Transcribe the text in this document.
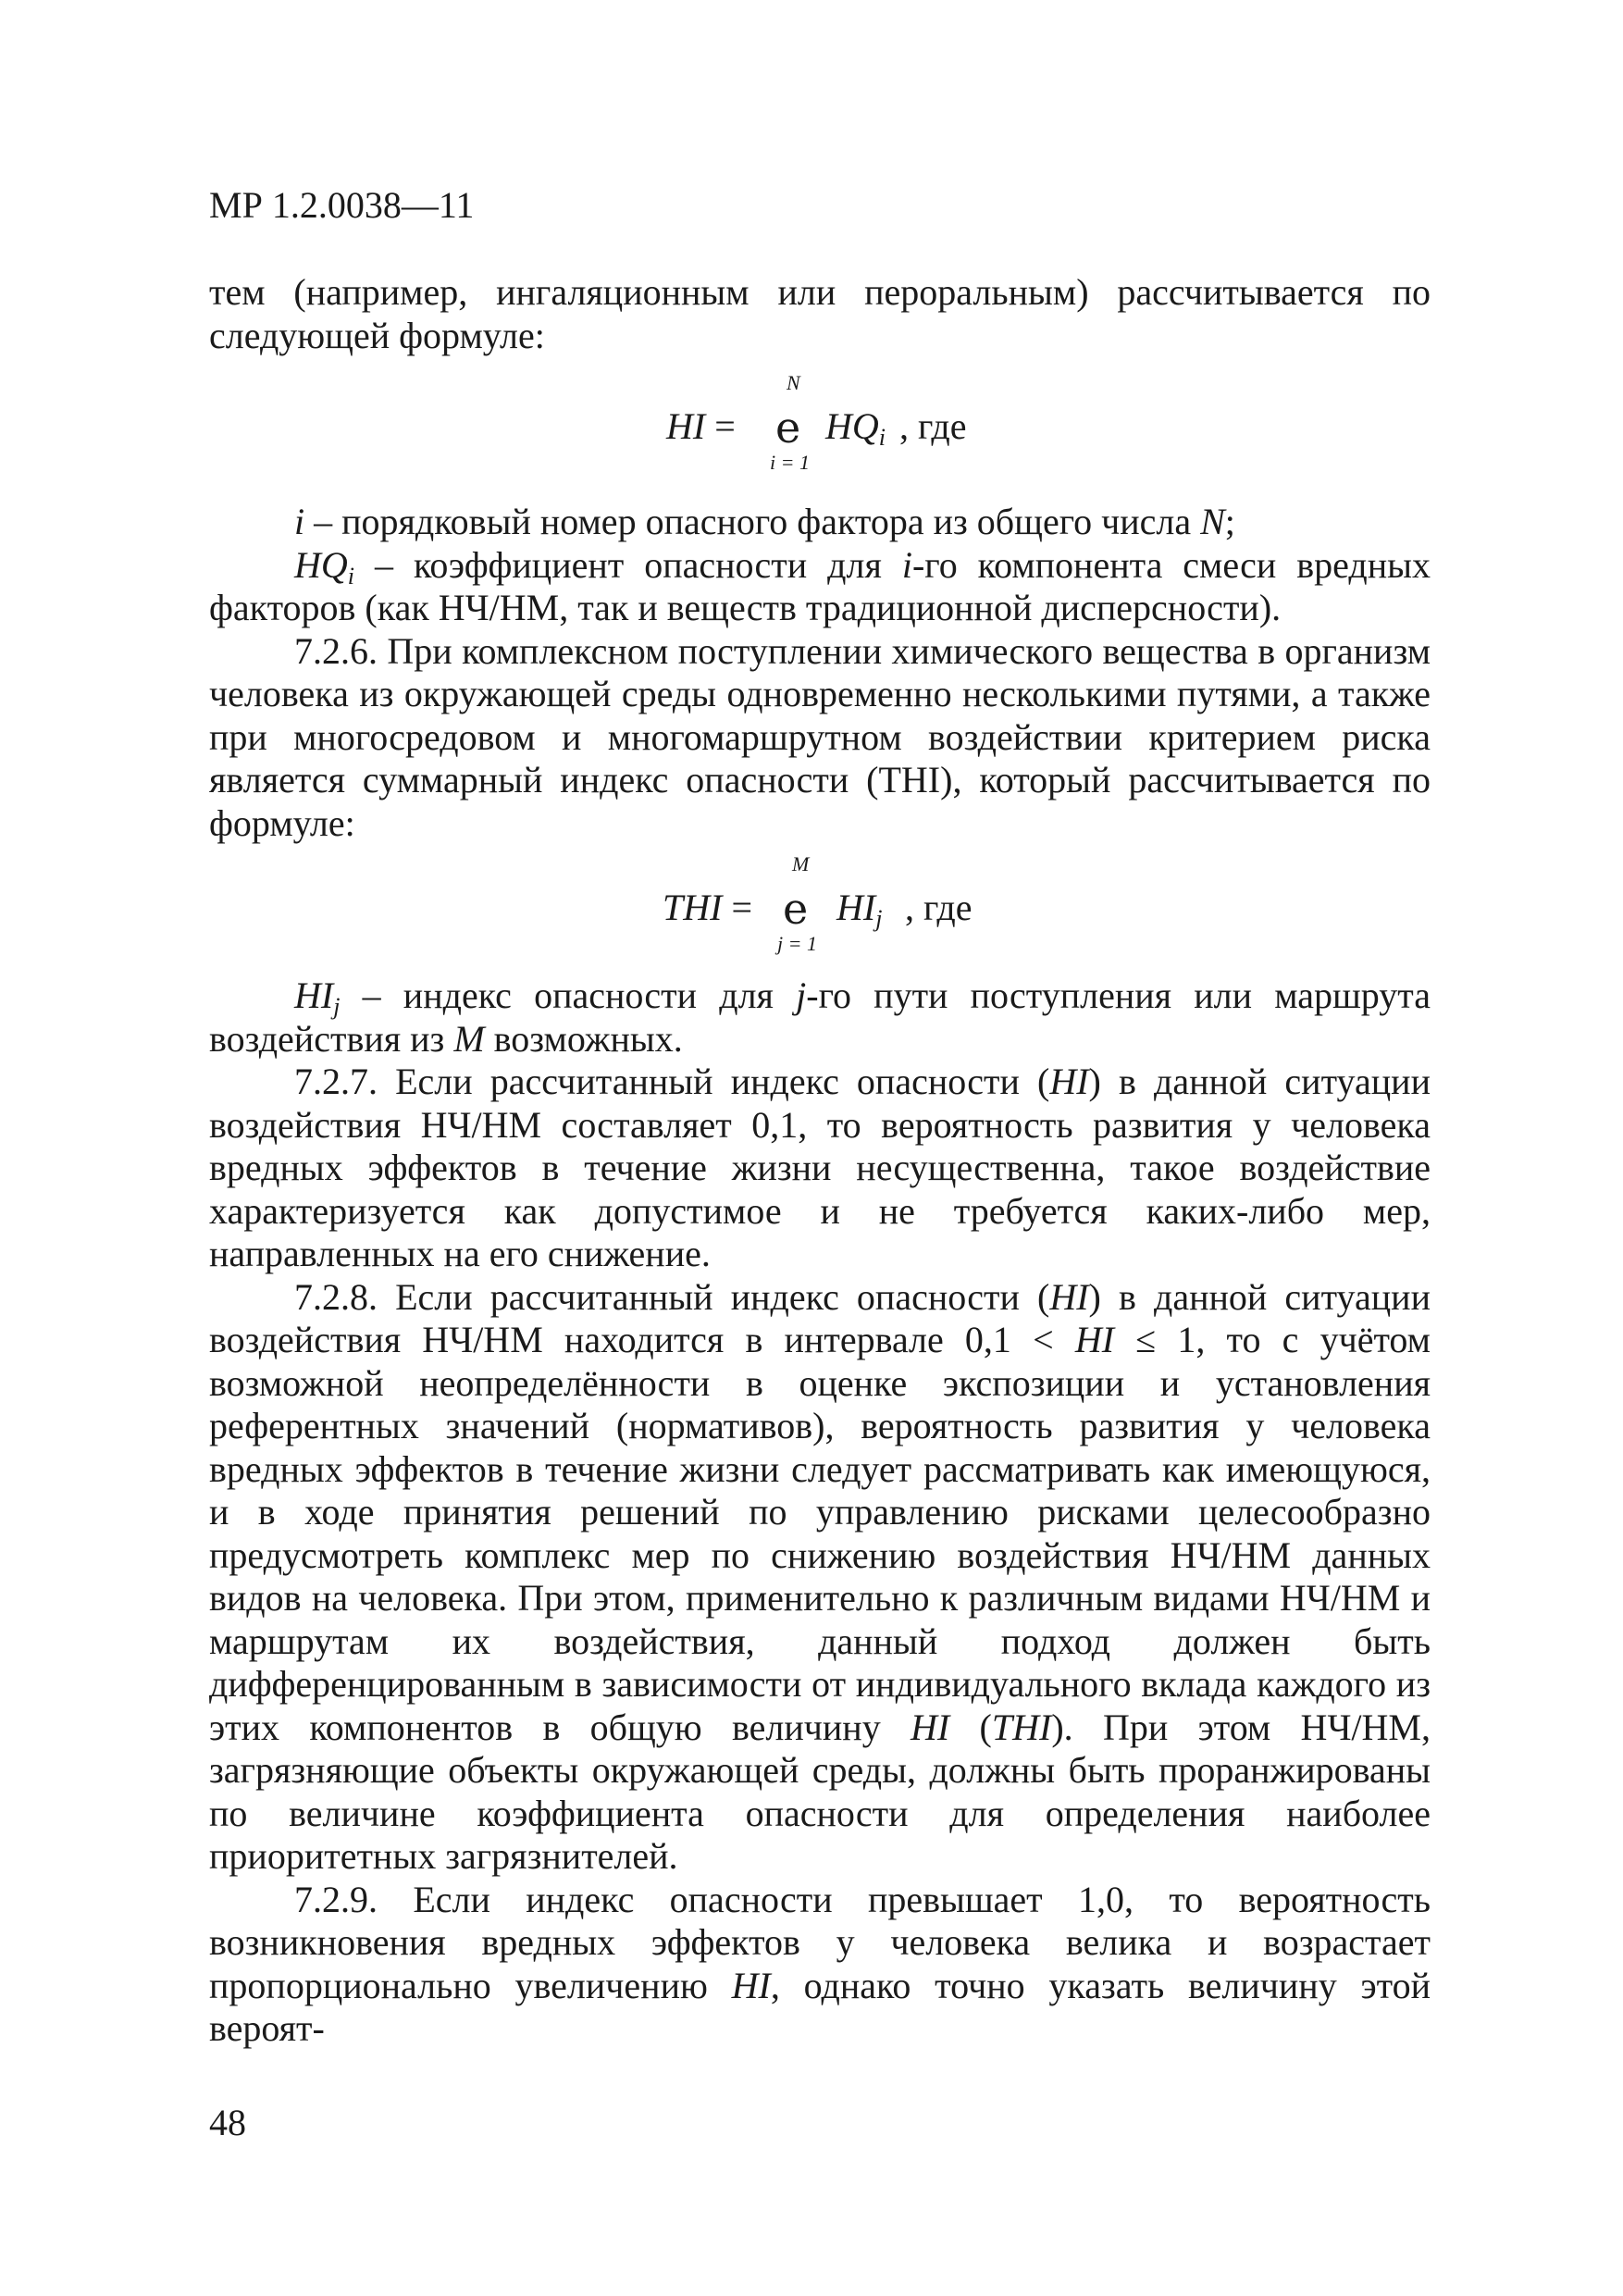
МР 1.2.0038—11

тем (например, ингаляционным или пероральным) рассчитывается по

следующей формуле:

HI =
N
e
i = 1
$HQ_i$ , где

i – порядковый номер опасного фактора из общего числа N;

$HQ_i$ – коэффициент опасности для i-го компонента смеси вредных факторов (как НЧ/НМ, так и веществ традиционной дисперсности).

7.2.6. При комплексном поступлении химического вещества в организм человека из окружающей среды одновременно несколькими путями, а также при многосредовом и многомаршрутном воздействии критерием риска является суммарный индекс опасности (THI), который рассчитывается по формуле:

THI =
M
e
j = 1
$HI_j$ , где

$HI_j$ – индекс опасности для j-го пути поступления или маршрута воздействия из M возможных.

7.2.7. Если рассчитанный индекс опасности (HI) в данной ситуации воздействия НЧ/НМ составляет 0,1, то вероятность развития у человека вредных эффектов в течение жизни несущественна, такое воздействие характеризуется как допустимое и не требуется каких-либо мер, направленных на его снижение.

7.2.8. Если рассчитанный индекс опасности (HI) в данной ситуации воздействия НЧ/НМ находится в интервале 0,1 < HI ≤ 1, то с учётом возможной неопределённости в оценке экспозиции и установления референтных значений (нормативов), вероятность развития у человека вредных эффектов в течение жизни следует рассматривать как имеющуюся, и в ходе принятия решений по управлению рисками целесообразно предусмотреть комплекс мер по снижению воздействия НЧ/НМ данных видов на человека. При этом, применительно к различным видами НЧ/НМ и маршрутам их воздействия, данный подход должен быть дифференцированным в зависимости от индивидуального вклада каждого из этих компонентов в общую величину HI (THI). При этом НЧ/НМ, загрязняющие объекты окружающей среды, должны быть проранжированы по величине коэффициента опасности для определения наиболее приоритетных загрязнителей.

7.2.9. Если индекс опасности превышает 1,0, то вероятность возникновения вредных эффектов у человека велика и возрастает пропорционально увеличению HI, однако точно указать величину этой вероят-

48
